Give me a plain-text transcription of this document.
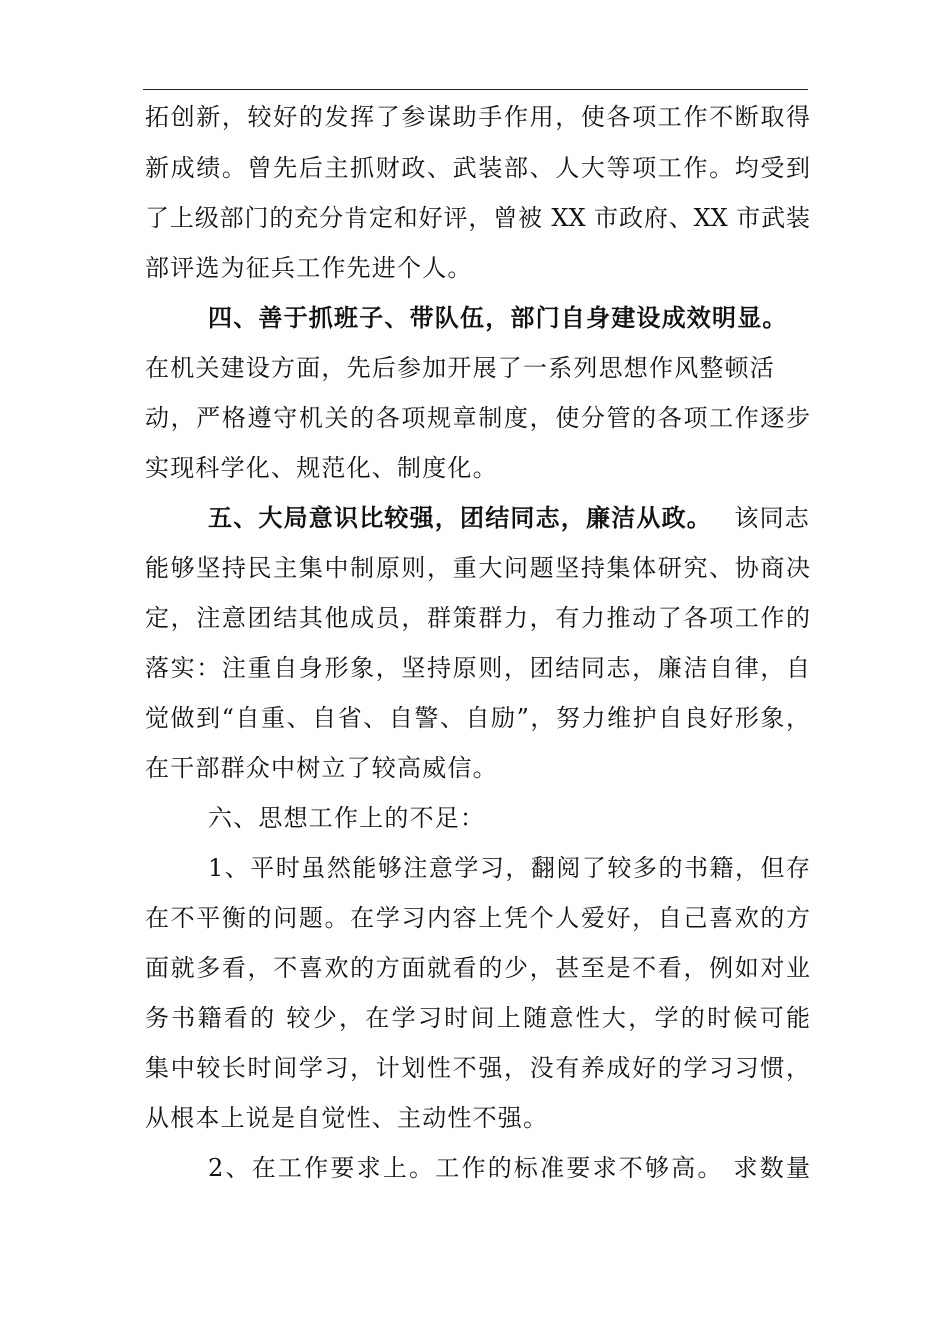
拓创新，较好的发挥了参谋助手作用，使各项工作不断取得
新成绩。曾先后主抓财政、武装部、人大等项工作。均受到
了上级部门的充分肯定和好评，曾被 XX 市政府、XX 市武装
部评选为征兵工作先进个人。
四、善于抓班子、带队伍，部门自身建设成效明显。
在机关建设方面，先后参加开展了一系列思想作风整顿活
动，严格遵守机关的各项规章制度，使分管的各项工作逐步
实现科学化、规范化、制度化。
五、大局意识比较强，团结同志，廉洁从政。 该同志
能够坚持民主集中制原则，重大问题坚持集体研究、协商决
定，注意团结其他成员，群策群力，有力推动了各项工作的
落实：注重自身形象，坚持原则，团结同志，廉洁自律，自
觉做到“自重、自省、自警、自励”，努力维护自良好形象，
在干部群众中树立了较高威信。
六、思想工作上的不足：
1、平时虽然能够注意学习，翻阅了较多的书籍，但存
在不平衡的问题。在学习内容上凭个人爱好，自己喜欢的方
面就多看，不喜欢的方面就看的少，甚至是不看，例如对业
务书籍看的 较少，在学习时间上随意性大，学的时候可能
集中较长时间学习，计划性不强，没有养成好的学习习惯，
从根本上说是自觉性、主动性不强。
2、在工作要求上。工作的标准要求不够高。 求数量
